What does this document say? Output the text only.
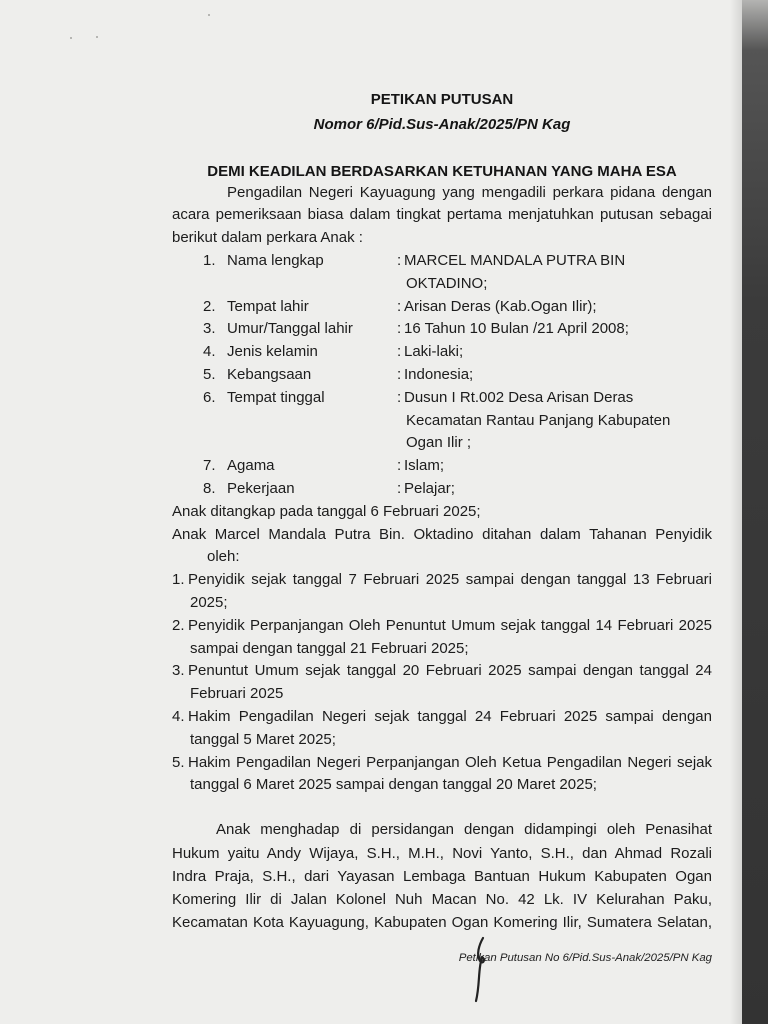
PETIKAN PUTUSAN
Nomor 6/Pid.Sus-Anak/2025/PN Kag
DEMI KEADILAN BERDASARKAN KETUHANAN YANG MAHA ESA
Pengadilan Negeri Kayuagung yang mengadili perkara pidana dengan
acara pemeriksaan biasa dalam tingkat pertama menjatuhkan putusan sebagai
berikut dalam perkara Anak :
1. Nama lengkap	: MARCEL MANDALA PUTRA BIN
OKTADINO;
2. Tempat lahir	: Arisan Deras (Kab.Ogan Ilir);
3. Umur/Tanggal lahir	: 16 Tahun 10 Bulan /21 April 2008;
4. Jenis kelamin	: Laki-laki;
5. Kebangsaan	: Indonesia;
6. Tempat tinggal	: Dusun I Rt.002 Desa Arisan Deras
Kecamatan Rantau Panjang Kabupaten
Ogan Ilir ;
7. Agama	: Islam;
8. Pekerjaan	: Pelajar;
Anak ditangkap pada tanggal 6 Februari 2025;
Anak Marcel Mandala Putra Bin. Oktadino ditahan dalam Tahanan Penyidik
oleh:
1. Penyidik sejak tanggal 7 Februari 2025 sampai dengan tanggal 13 Februari
2025;
2. Penyidik Perpanjangan Oleh Penuntut Umum sejak tanggal 14 Februari 2025
sampai dengan tanggal 21 Februari 2025;
3. Penuntut Umum sejak tanggal 20 Februari 2025 sampai dengan tanggal 24
Februari 2025
4. Hakim Pengadilan Negeri sejak tanggal 24 Februari 2025 sampai dengan
tanggal 5 Maret 2025;
5. Hakim Pengadilan Negeri Perpanjangan Oleh Ketua Pengadilan Negeri sejak
tanggal 6 Maret 2025 sampai dengan tanggal 20 Maret 2025;
Anak menghadap di persidangan dengan didampingi oleh Penasihat
Hukum yaitu Andy Wijaya, S.H., M.H., Novi Yanto, S.H., dan Ahmad Rozali
Indra Praja, S.H., dari Yayasan Lembaga Bantuan Hukum Kabupaten Ogan
Komering Ilir di Jalan Kolonel Nuh Macan No. 42 Lk. IV Kelurahan Paku,
Kecamatan Kota Kayuagung, Kabupaten Ogan Komering Ilir, Sumatera Selatan,
Petikan Putusan No 6/Pid.Sus-Anak/2025/PN Kag
